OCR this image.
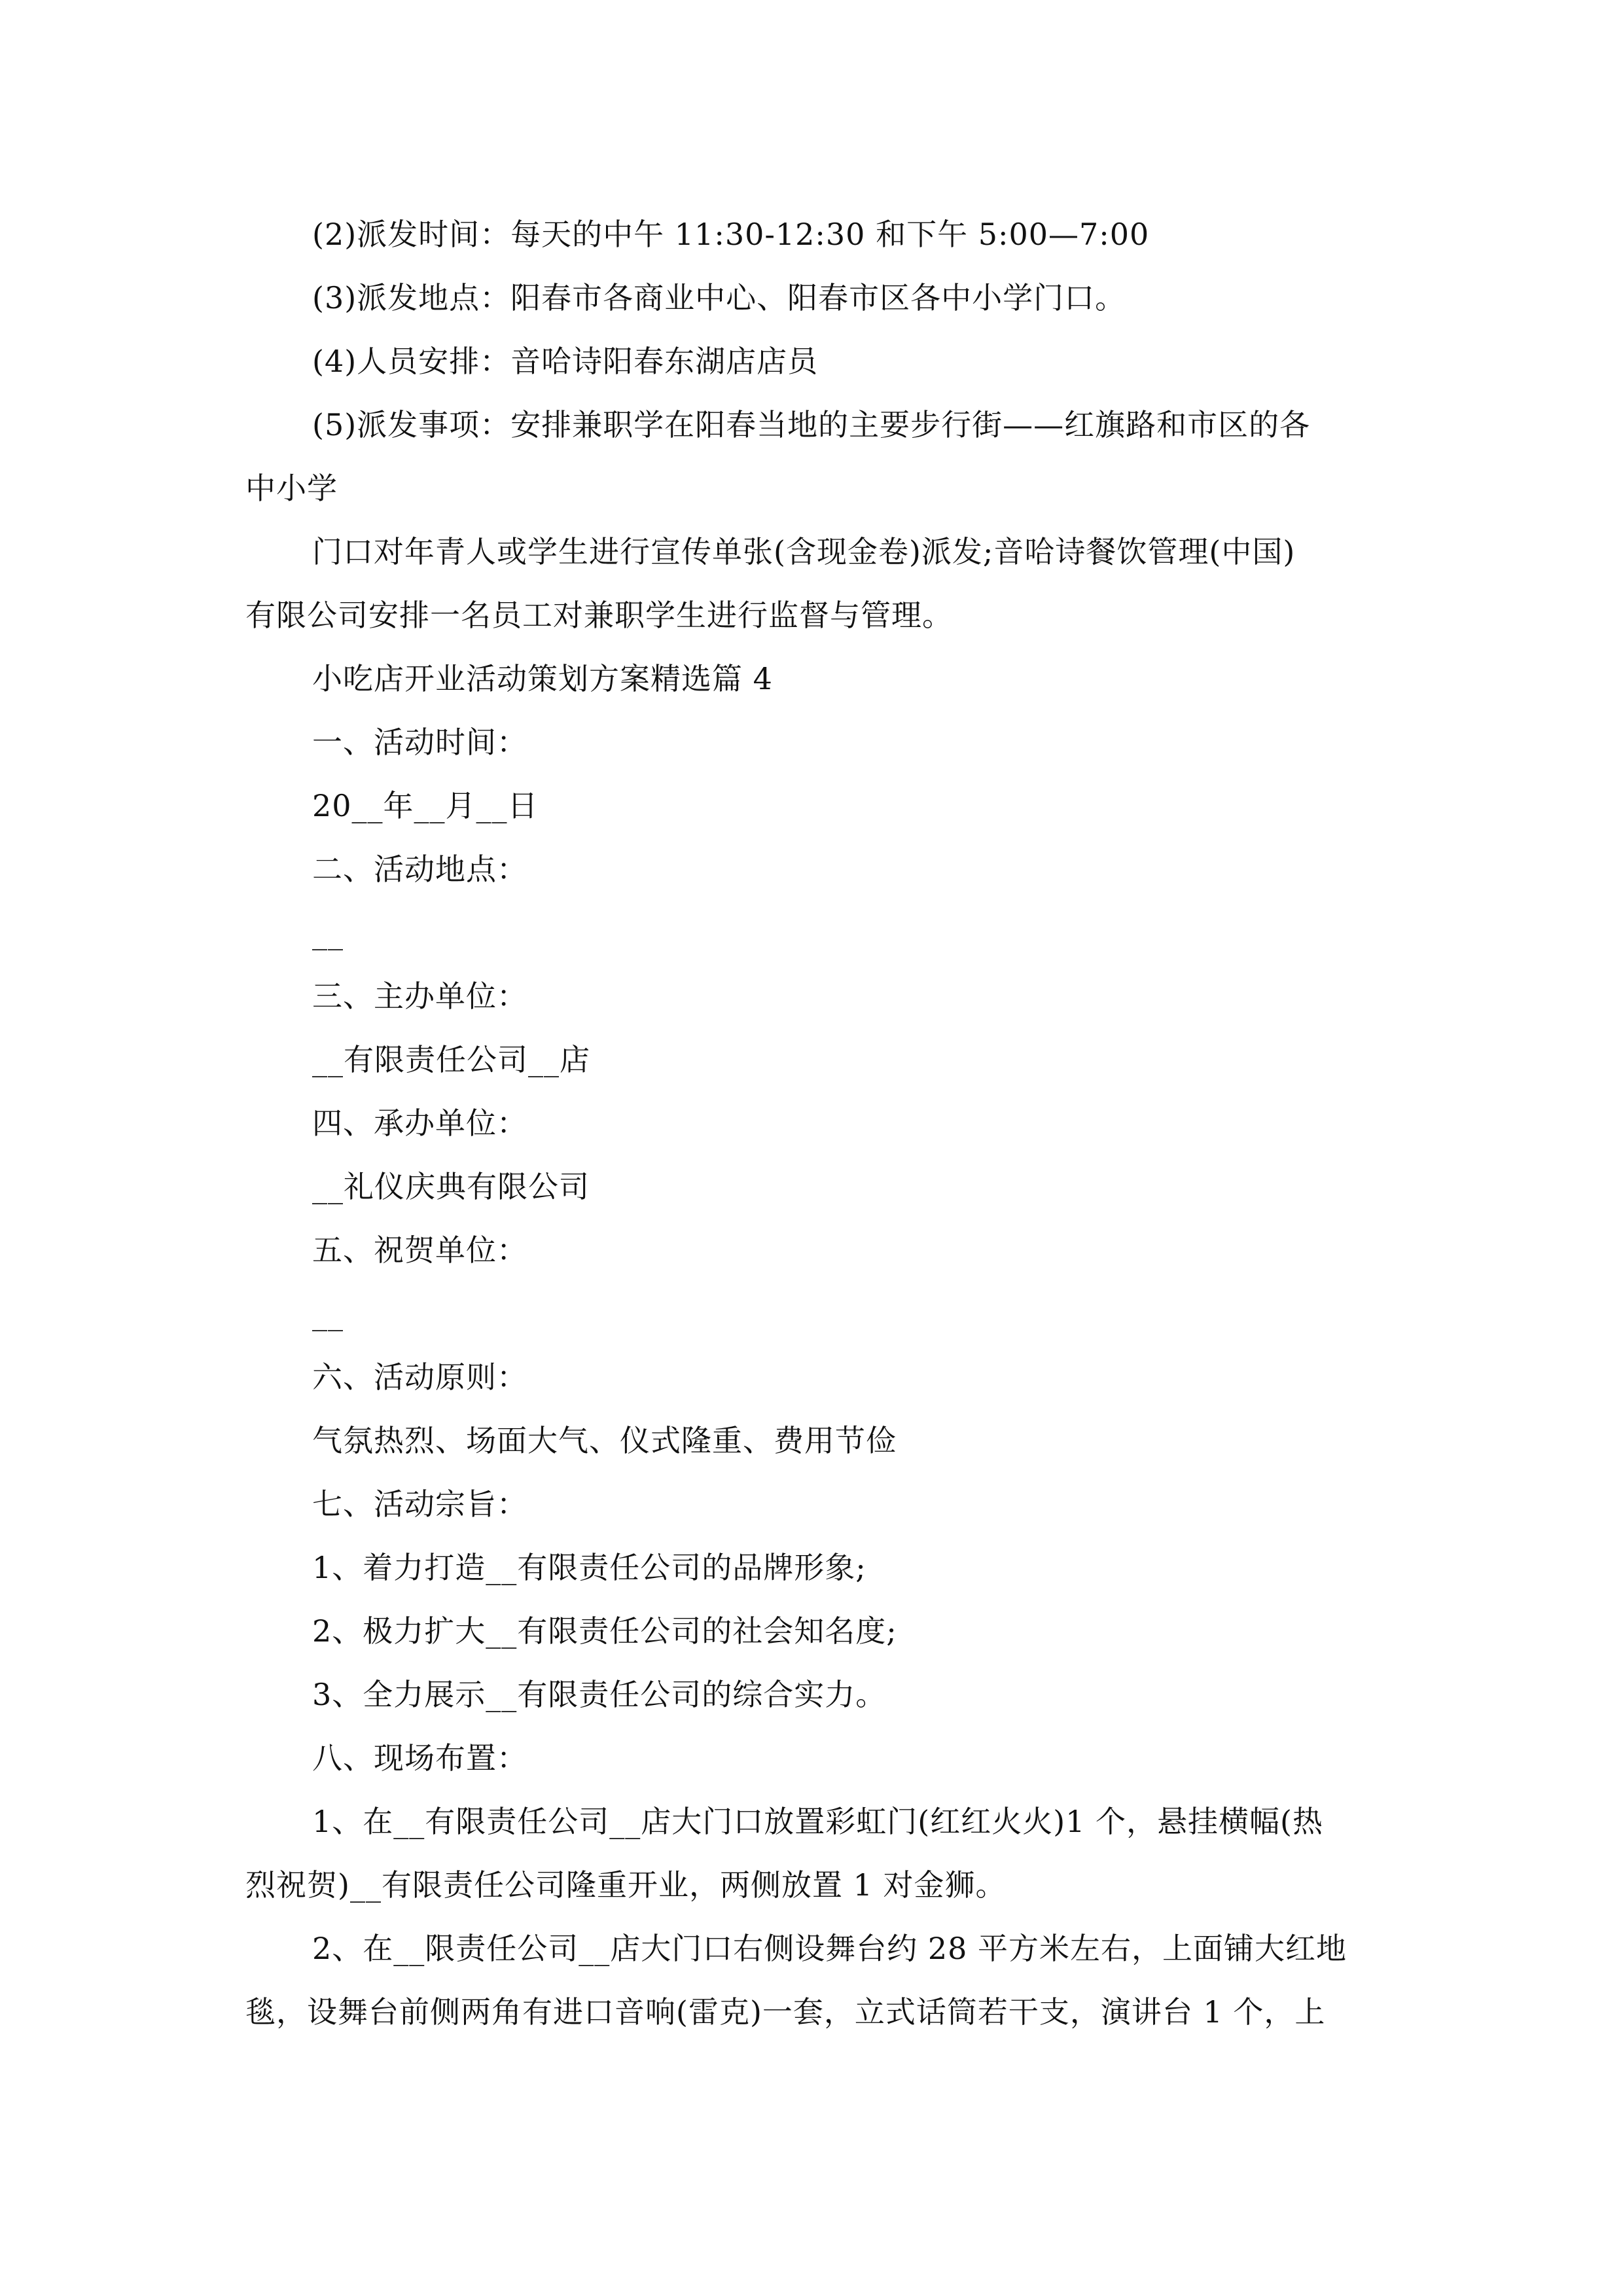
(2)派发时间：每天的中午 11:30-12:30 和下午 5:00—7:00
(3)派发地点：阳春市各商业中心、阳春市区各中小学门口。
(4)人员安排：音哈诗阳春东湖店店员
(5)派发事项：安排兼职学在阳春当地的主要步行街——红旗路和市区的各
中小学
门口对年青人或学生进行宣传单张(含现金卷)派发;音哈诗餐饮管理(中国)
有限公司安排一名员工对兼职学生进行监督与管理。
小吃店开业活动策划方案精选篇 4
一、活动时间：
20__年__月__日
二、活动地点：
__
三、主办单位：
__有限责任公司__店
四、承办单位：
__礼仪庆典有限公司
五、祝贺单位：
__
六、活动原则：
气氛热烈、场面大气、仪式隆重、费用节俭
七、活动宗旨：
1、着力打造__有限责任公司的品牌形象;
2、极力扩大__有限责任公司的社会知名度;
3、全力展示__有限责任公司的综合实力。
八、现场布置：
1、在__有限责任公司__店大门口放置彩虹门(红红火火)1 个，悬挂横幅(热
烈祝贺)__有限责任公司隆重开业，两侧放置 1 对金狮。
2、在__限责任公司__店大门口右侧设舞台约 28 平方米左右，上面铺大红地
毯，设舞台前侧两角有进口音响(雷克)一套，立式话筒若干支，演讲台 1 个，上
